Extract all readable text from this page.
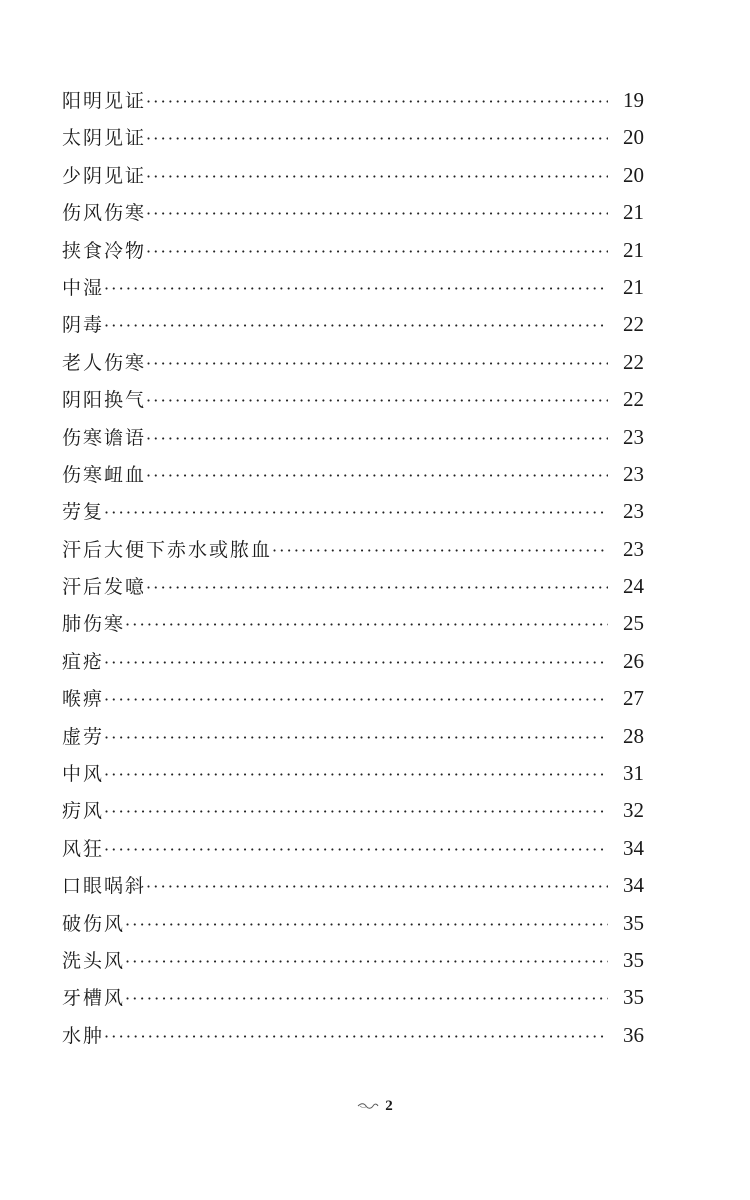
阳明见证 ·····	19
太阴见证 ·····	20
少阴见证 ·····	20
伤风伤寒 ·····	21
挟食冷物 ·····	21
中湿 ·····	21
阴毒 ·····	22
老人伤寒 ·····	22
阴阳换气 ·····	22
伤寒谵语 ·····	23
伤寒衄血 ·····	23
劳复 ·····	23
汗后大便下赤水或脓血 ·····	23
汗后发噫 ·····	24
肺伤寒 ·····	25
疽疮 ·····	26
喉痹 ·····	27
虚劳 ·····	28
中风 ·····	31
疠风 ·····	32
风狂 ·····	34
口眼㖞斜 ·····	34
破伤风 ·····	35
洗头风 ·····	35
牙槽风 ·····	35
水肿 ·····	36
2
